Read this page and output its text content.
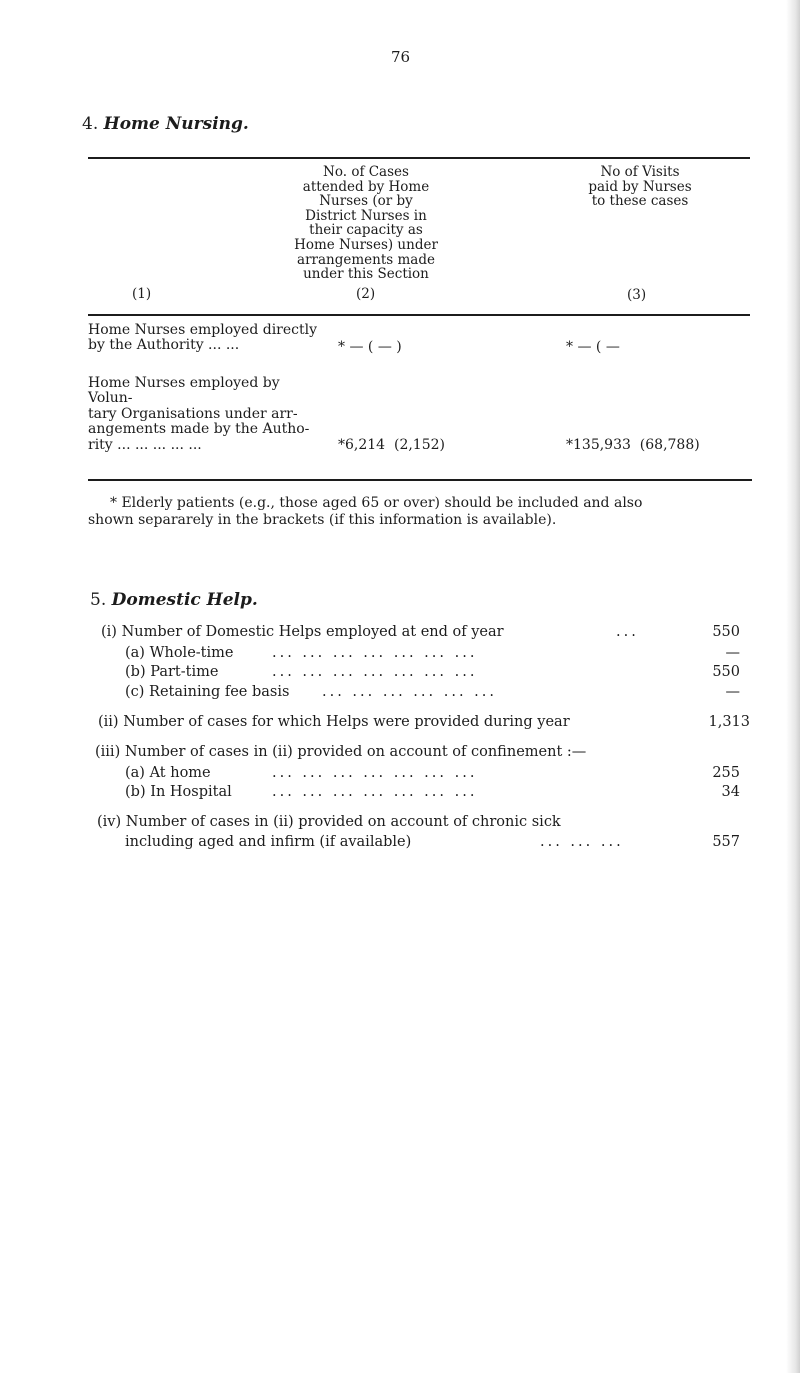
76
4. Home Nursing.
No. of Cases
attended by Home
Nurses (or by
District Nurses in
their capacity as
Home Nurses) under
arrangements made
under this Section
No of Visits
paid by Nurses
to these cases
(1)	(2)	(3)
Home Nurses employed directly
by the Authority ... ...	* — ( — )	* — ( —
Home Nurses employed by Volun-
tary Organisations under arr-
angements made by the Autho-
rity ... ... ... ... ...	*6,214  (2,152)	*135,933  (68,788)
* Elderly patients (e.g., those aged 65 or over) should be included and also
shown separarely in the brackets (if this information is available).
5. Domestic Help.
(i) Number of Domestic Helps employed at end of year	...	550
(a) Whole-time	... ... ... ... ... ... ...	—
(b) Part-time	... ... ... ... ... ... ...	550
(c) Retaining fee basis ... ... ... ... ... ...	—
(ii) Number of cases for which Helps were provided during year	1,313
(iii) Number of cases in (ii) provided on account of confinement :—
(a) At home	... ... ... ... ... ... ...	255
(b) In Hospital	... ... ... ... ... ... ...	34
(iv) Number of cases in (ii) provided on account of chronic sick
including aged and infirm (if available)	... ... ...	557
